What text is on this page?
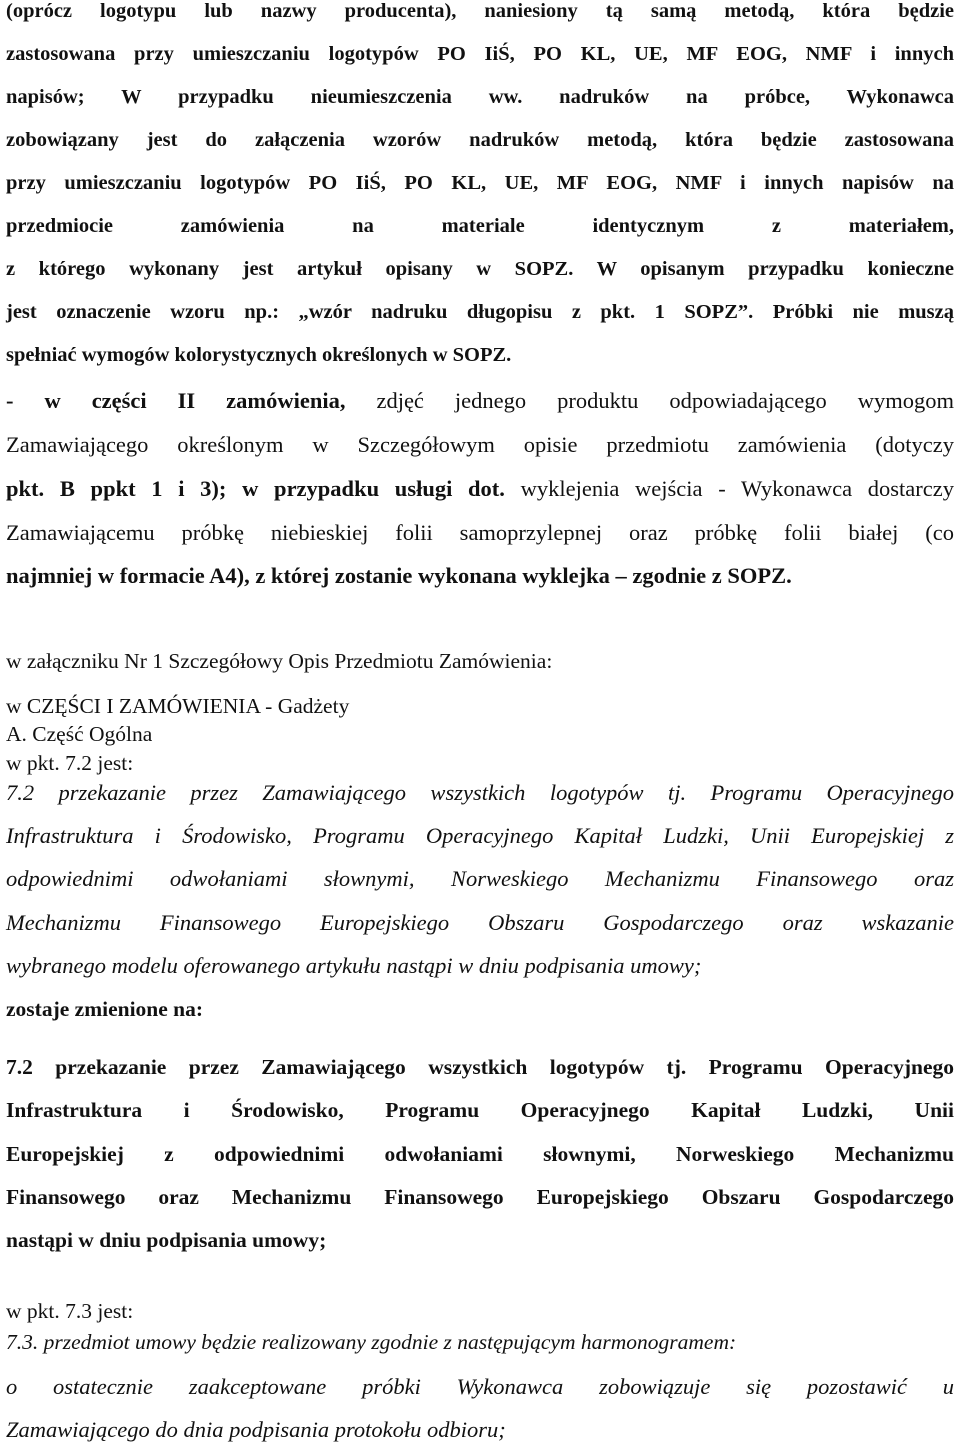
(oprócz logotypu lub nazwy producenta), naniesiony tą samą metodą, która będzie
zastosowana przy umieszczaniu logotypów PO IiŚ, PO KL, UE, MF EOG, NMF i innych
napisów; W przypadku nieumieszczenia ww. nadruków na próbce, Wykonawca
zobowiązany jest do załączenia wzorów nadruków metodą, która będzie zastosowana
przy umieszczaniu logotypów PO IiŚ, PO KL, UE, MF EOG, NMF i innych napisów na
przedmiocie zamówienia na materiale identycznym z materiałem,
z którego wykonany jest artykuł opisany w SOPZ. W opisanym przypadku konieczne
jest oznaczenie wzoru np.: „wzór nadruku długopisu z pkt. 1 SOPZ”. Próbki nie muszą
spełniać wymogów kolorystycznych określonych w SOPZ.
- w części II zamówienia, zdjęć jednego produktu odpowiadającego wymogom
Zamawiającego określonym w Szczegółowym opisie przedmiotu zamówienia (dotyczy
pkt. B ppkt 1 i 3); w przypadku usługi dot. wyklejenia wejścia - Wykonawca dostarczy
Zamawiającemu próbkę niebieskiej folii samoprzylepnej oraz próbkę folii białej (co
najmniej w formacie A4), z której zostanie wykonana wyklejka – zgodnie z SOPZ.
w załączniku Nr 1 Szczegółowy Opis Przedmiotu Zamówienia:
w CZĘŚCI I ZAMÓWIENIA - Gadżety
A. Część Ogólna
w pkt. 7.2 jest:
7.2 przekazanie przez Zamawiającego wszystkich logotypów tj. Programu Operacyjnego
Infrastruktura i Środowisko, Programu Operacyjnego Kapitał Ludzki, Unii Europejskiej z
odpowiednimi odwołaniami słownymi, Norweskiego Mechanizmu Finansowego oraz
Mechanizmu Finansowego Europejskiego Obszaru Gospodarczego oraz wskazanie
wybranego modelu oferowanego artykułu nastąpi w dniu podpisania umowy;
zostaje zmienione na:
7.2 przekazanie przez Zamawiającego wszystkich logotypów tj. Programu Operacyjnego
Infrastruktura i Środowisko, Programu Operacyjnego Kapitał Ludzki, Unii
Europejskiej z odpowiednimi odwołaniami słownymi, Norweskiego Mechanizmu
Finansowego oraz Mechanizmu Finansowego Europejskiego Obszaru Gospodarczego
nastąpi w dniu podpisania umowy;
w pkt. 7.3 jest:
7.3. przedmiot umowy będzie realizowany zgodnie z następującym harmonogramem:
o ostatecznie zaakceptowane próbki Wykonawca zobowiązuje się pozostawić u
Zamawiającego do dnia podpisania protokołu odbioru;
